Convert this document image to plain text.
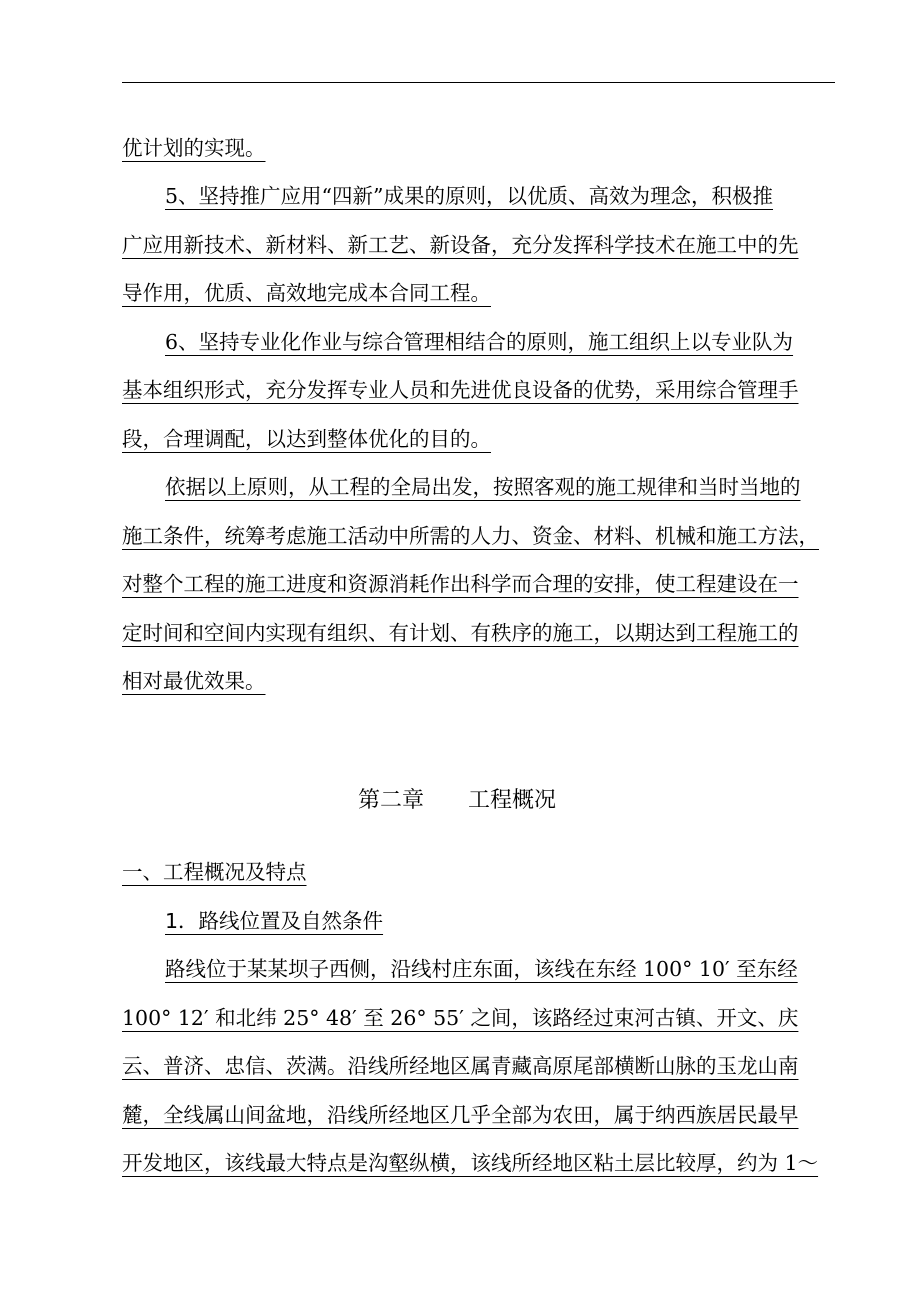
优计划的实现。
5、坚持推广应用“四新”成果的原则，以优质、高效为理念，积极推
广应用新技术、新材料、新工艺、新设备，充分发挥科学技术在施工中的先
导作用，优质、高效地完成本合同工程。
6、坚持专业化作业与综合管理相结合的原则，施工组织上以专业队为
基本组织形式，充分发挥专业人员和先进优良设备的优势，采用综合管理手
段，合理调配，以达到整体优化的目的。
依据以上原则，从工程的全局出发，按照客观的施工规律和当时当地的
施工条件，统筹考虑施工活动中所需的人力、资金、材料、机械和施工方法，
对整个工程的施工进度和资源消耗作出科学而合理的安排，使工程建设在一
定时间和空间内实现有组织、有计划、有秩序的施工，以期达到工程施工的
相对最优效果。
第二章 工程概况
一、工程概况及特点
1．路线位置及自然条件
路线位于某某坝子西侧，沿线村庄东面，该线在东经 100° 10′ 至东经
100° 12′ 和北纬 25° 48′ 至 26° 55′ 之间，该路经过束河古镇、开文、庆
云、普济、忠信、茨满。沿线所经地区属青藏高原尾部横断山脉的玉龙山南
麓，全线属山间盆地，沿线所经地区几乎全部为农田，属于纳西族居民最早
开发地区，该线最大特点是沟壑纵横，该线所经地区粘土层比较厚，约为 1～
